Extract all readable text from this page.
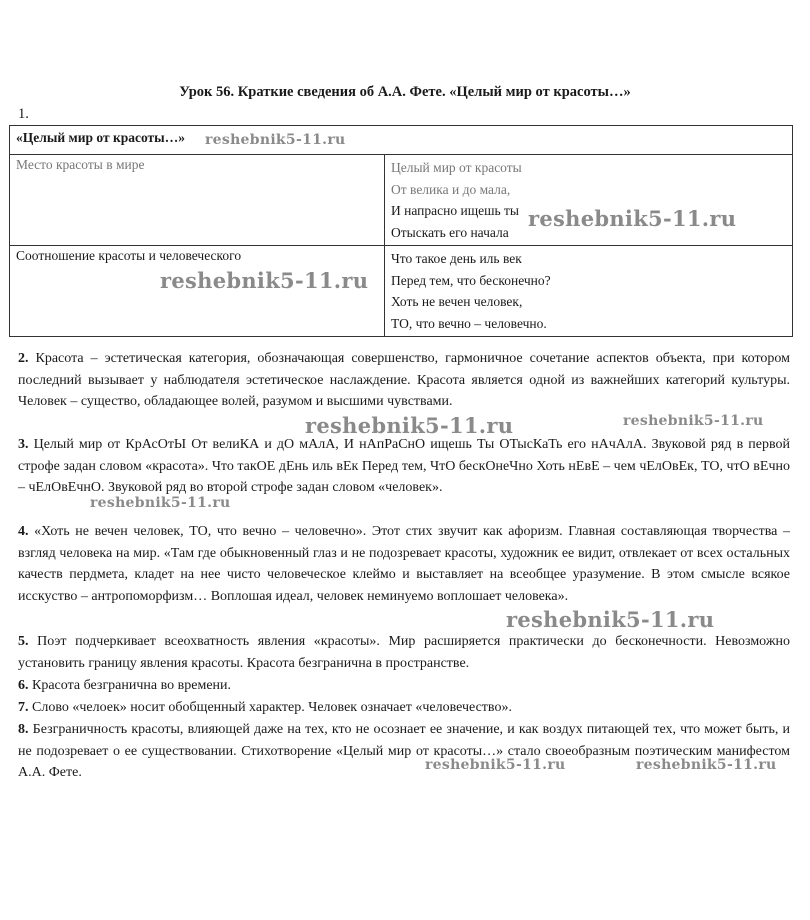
Урок 56. Краткие сведения об А.А. Фете. «Целый мир от красоты…»
1.
«Целый мир от красоты…»	
Место красоты в мире	Целый мир от красоты
От велика и до мала,
И напрасно ищешь ты
Отыскать его начала

Соотношение красоты и человеческого	Что такое день иль век
Перед тем, что бесконечно?
Хоть не вечен человек,
ТО, что вечно – человечно.
2. Красота – эстетическая категория, обозначающая совершенство, гармоничное сочетание аспектов объекта, при котором последний вызывает у наблюдателя эстетическое наслаждение. Красота является одной из важнейших категорий культуры. Человек – существо, обладающее волей, разумом и высшими чувствами.
3. Целый мир от КрАсОтЫ От велиКА и дО мАлА, И нАпРаСнО ищешь Ты ОТысКаТь его нАчАлА. Звуковой ряд в первой строфе задан словом «красота». Что такОЕ дЕнь иль вЕк Перед тем, ЧтО бескОнеЧно Хоть нЕвЕ – чем чЕлОвЕк, ТО, чтО вЕчно – чЕлОвЕчнО. Звуковой ряд во второй строфе задан словом «человек».
4. «Хоть не вечен человек, ТО, что вечно – человечно». Этот стих звучит как афоризм. Главная составляющая творчества – взгляд человека на мир. «Там где обыкновенный глаз и не подозревает красоты, художник ее видит, отвлекает от всех остальных качеств пердмета, кладет на нее чисто человеческое клеймо и выставляет на всеобщее уразумение. В этом смысле всякое исскуство – антропоморфизм… Воплошая идеал, человек неминуемо воплошает человека».
5. Поэт подчеркивает всеохватность явления «красоты». Мир расширяется практически до бесконечности. Невозможно установить границу явления красоты. Красота безгранична в пространстве.
6. Красота безгранична во времени.
7. Слово «челоек» носит обобщенный характер. Человек означает «человечество».
8. Безграничность красоты, влияющей даже на тех, кто не осознает ее значение, и как воздух питающей тех, что может быть, и не подозревает о ее существовании. Стихотворение «Целый мир от красоты…» стало своеобразным поэтическим манифестом А.А. Фете.
reshebnik5-11.ru
reshebnik5-11.ru
reshebnik5-11.ru
reshebnik5-11.ru	reshebnik5-11.ru
reshebnik5-11.ru
reshebnik5-11.ru
reshebnik5-11.ru	reshebnik5-11.ru
